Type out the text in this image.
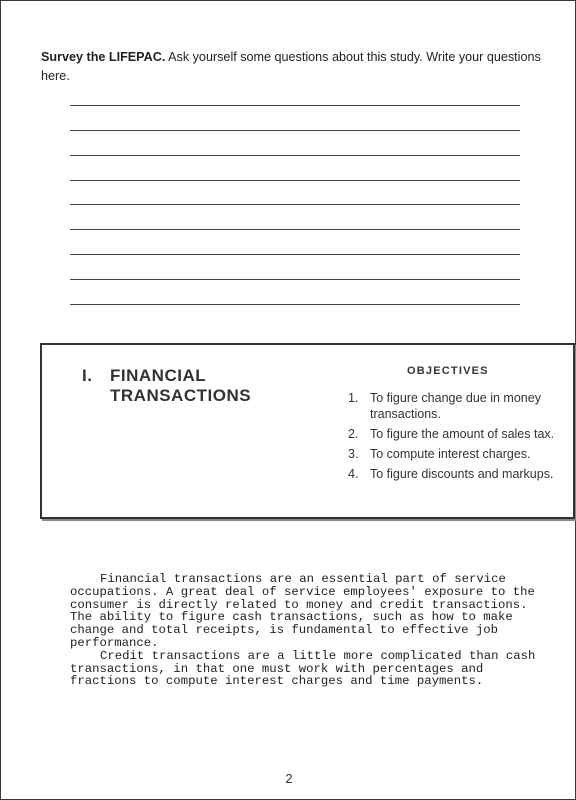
Survey the LIFEPAC. Ask yourself some questions about this study. Write your questions here.
I. FINANCIAL
TRANSACTIONS
OBJECTIVES
1. To figure change due in money transactions.
2. To figure the amount of sales tax.
3. To compute interest charges.
4. To figure discounts and markups.

Financial transactions are an essential part of service occupations. A great deal of service employees' exposure to the consumer is directly related to money and credit transactions. The ability to figure cash transactions, such as how to make change and total receipts, is fundamental to effective job performance.

Credit transactions are a little more complicated than cash transactions, in that one must work with percentages and fractions to compute interest charges and time payments.

2
